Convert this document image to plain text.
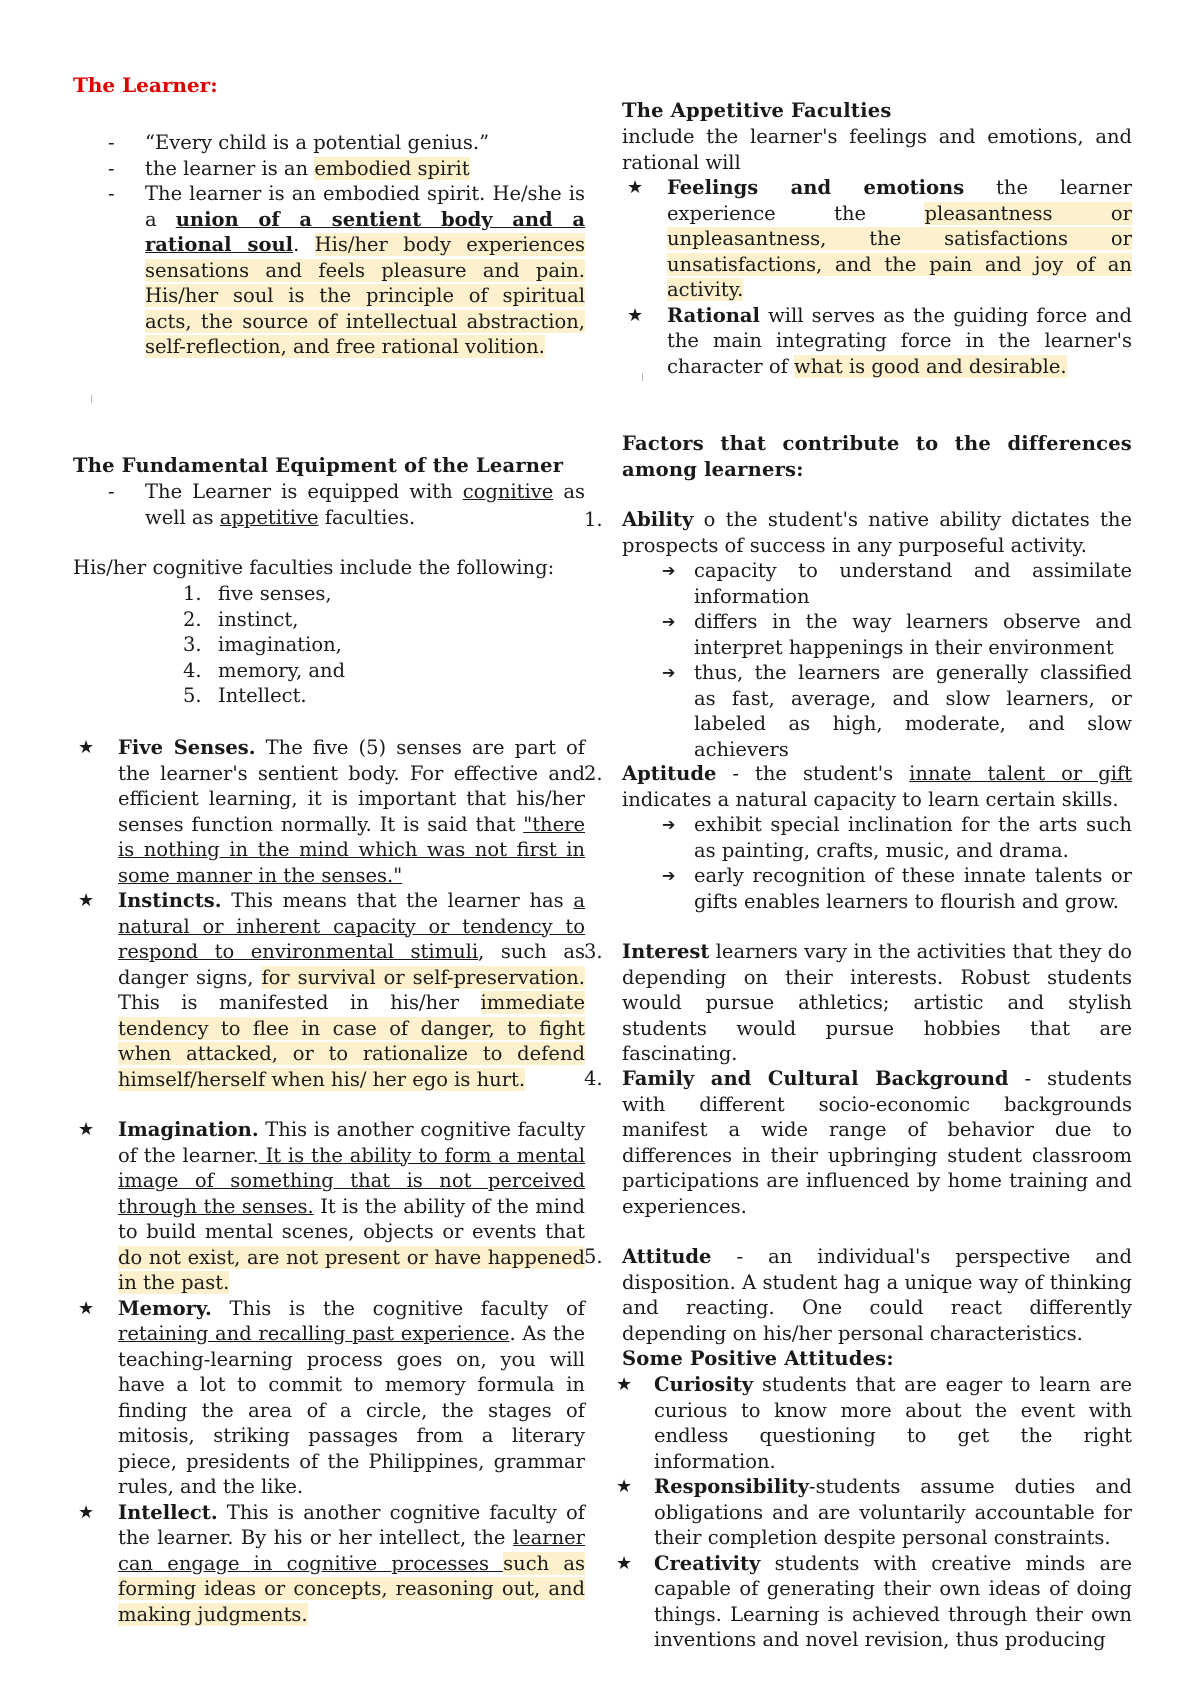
The Learner:
- “Every child is a potential genius.”
- the learner is an embodied spirit
- The learner is an embodied spirit. He/she is a union of a sentient body and a rational soul. His/her body experiences sensations and feels pleasure and pain. His/her soul is the principle of spiritual acts, the source of intellectual abstraction, self-reflection, and free rational volition.
The Fundamental Equipment of the Learner
- The Learner is equipped with cognitive as well as appetitive faculties.
His/her cognitive faculties include the following:
1. five senses,
2. instinct,
3. imagination,
4. memory, and
5. Intellect.
★ Five Senses. The five (5) senses are part of the learner's sentient body. For effective and efficient learning, it is important that his/her senses function normally. It is said that "there is nothing in the mind which was not first in some manner in the senses."
★ Instincts. This means that the learner has a natural or inherent capacity or tendency to respond to environmental stimuli, such as danger signs, for survival or self-preservation. This is manifested in his/her immediate tendency to flee in case of danger, to fight when attacked, or to rationalize to defend himself/herself when his/ her ego is hurt.
★ Imagination. This is another cognitive faculty of the learner. It is the ability to form a mental image of something that is not perceived through the senses. It is the ability of the mind to build mental scenes, objects or events that do not exist, are not present or have happened in the past.
★ Memory. This is the cognitive faculty of retaining and recalling past experience. As the teaching-learning process goes on, you will have a lot to commit to memory formula in finding the area of a circle, the stages of mitosis, striking passages from a literary piece, presidents of the Philippines, grammar rules, and the like.
★ Intellect. This is another cognitive faculty of the learner. By his or her intellect, the learner can engage in cognitive processes such as forming ideas or concepts, reasoning out, and making judgments.
The Appetitive Faculties
include the learner's feelings and emotions, and rational will
★ Feelings and emotions the learner experience the pleasantness or unpleasantness, the satisfactions or unsatisfactions, and the pain and joy of an activity.
★ Rational will serves as the guiding force and the main integrating force in the learner's character of what is good and desirable.
Factors that contribute to the differences among learners:
1. Ability o the student's native ability dictates the prospects of success in any purposeful activity.
➔ capacity to understand and assimilate information
➔ differs in the way learners observe and interpret happenings in their environment
➔ thus, the learners are generally classified as fast, average, and slow learners, or labeled as high, moderate, and slow achievers
2. Aptitude - the student's innate talent or gift indicates a natural capacity to learn certain skills.
➔ exhibit special inclination for the arts such as painting, crafts, music, and drama.
➔ early recognition of these innate talents or gifts enables learners to flourish and grow.
3. Interest learners vary in the activities that they do depending on their interests. Robust students would pursue athletics; artistic and stylish students would pursue hobbies that are fascinating.
4. Family and Cultural Background - students with different socio-economic backgrounds manifest a wide range of behavior due to differences in their upbringing student classroom participations are influenced by home training and experiences.
5. Attitude - an individual's perspective and disposition. A student hag a unique way of thinking and reacting. One could react differently depending on his/her personal characteristics.
Some Positive Attitudes:
★ Curiosity students that are eager to learn are curious to know more about the event with endless questioning to get the right information.
★ Responsibility-students assume duties and obligations and are voluntarily accountable for their completion despite personal constraints.
★ Creativity students with creative minds are capable of generating their own ideas of doing things. Learning is achieved through their own inventions and novel revision, thus producing
